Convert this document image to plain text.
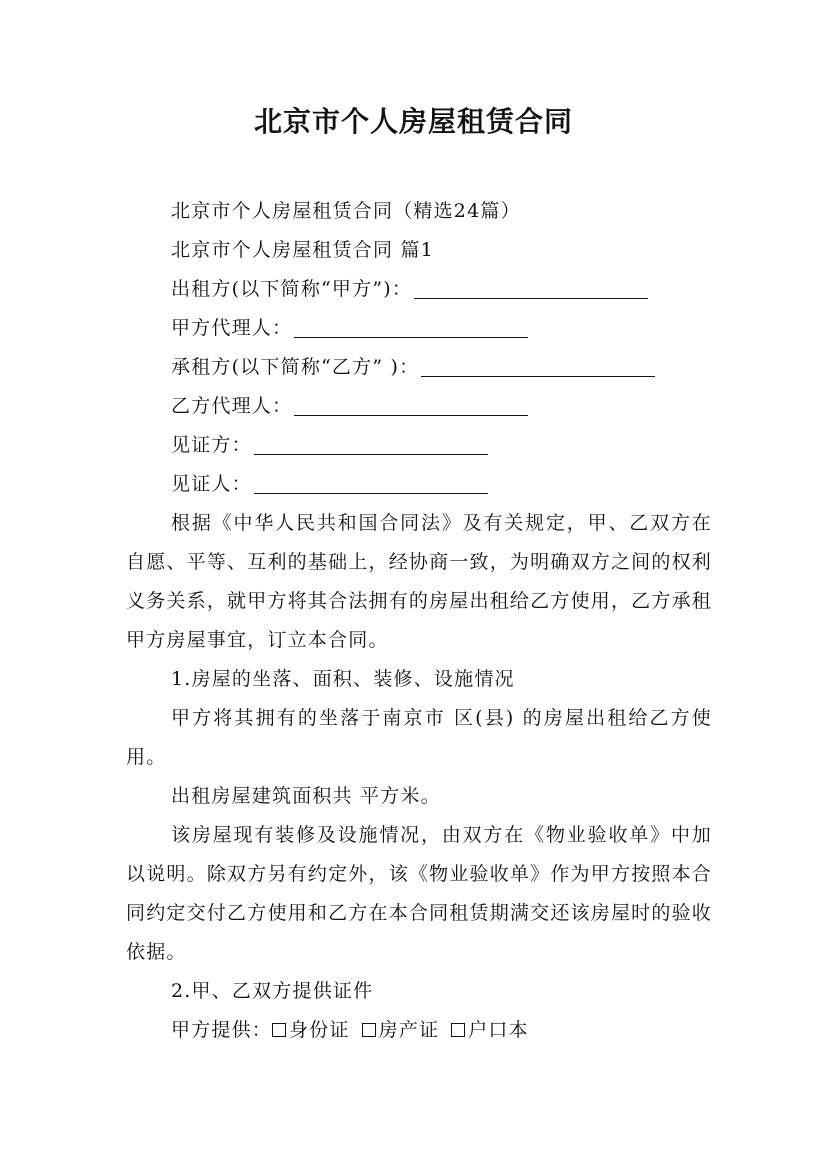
北京市个人房屋租赁合同

北京市个人房屋租赁合同（精选24篇）

北京市个人房屋租赁合同 篇1

出租方(以下简称“甲方”)：

甲方代理人：

承租方(以下简称“乙方” )：

乙方代理人：

见证方：

见证人：

根据《中华人民共和国合同法》及有关规定，甲、乙双方在自愿、平等、互利的基础上，经协商一致，为明确双方之间的权利义务关系，就甲方将其合法拥有的房屋出租给乙方使用，乙方承租甲方房屋事宜，订立本合同。

1.房屋的坐落、面积、装修、设施情况

甲方将其拥有的坐落于南京市 区(县) 的房屋出租给乙方使用。

出租房屋建筑面积共 平方米。

该房屋现有装修及设施情况，由双方在《物业验收单》中加以说明。除双方另有约定外，该《物业验收单》作为甲方按照本合同约定交付乙方使用和乙方在本合同租赁期满交还该房屋时的验收依据。

2.甲、乙双方提供证件

甲方提供： 身份证 房产证 户口本
